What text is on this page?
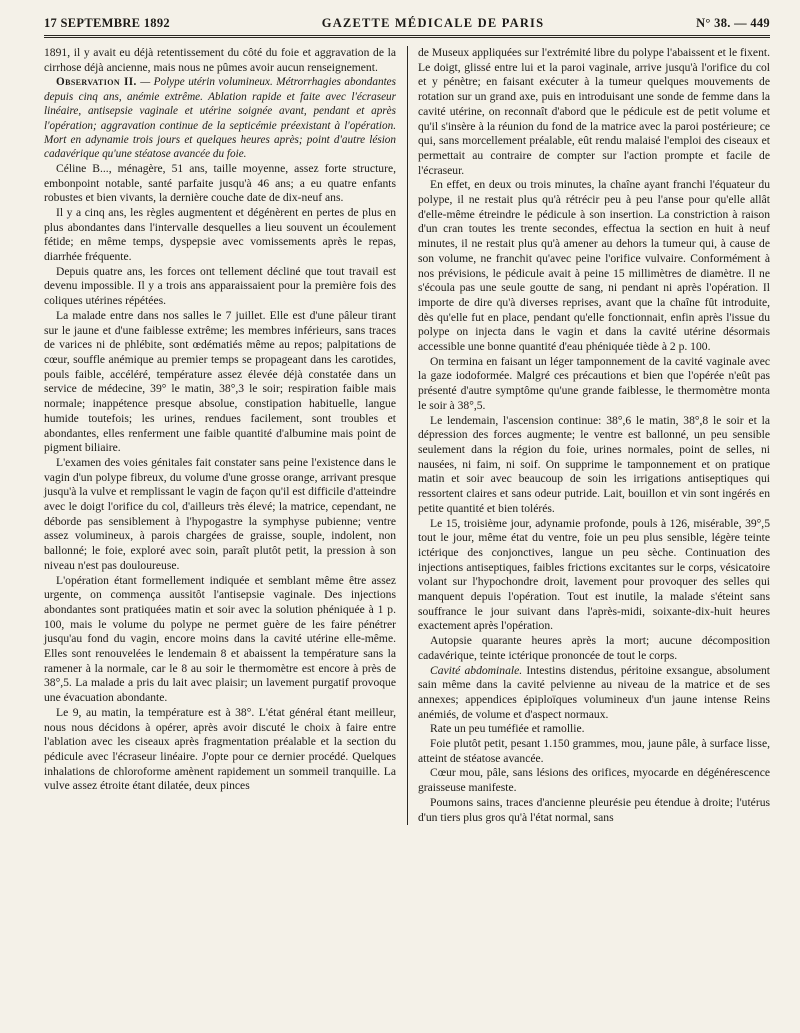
17 SEPTEMBRE 1892	GAZETTE MÉDICALE DE PARIS	N° 38. — 449

1891, il y avait eu déjà retentissement du côté du foie et aggravation de la cirrhose déjà ancienne, mais nous ne pûmes avoir aucun renseignement.

Observation II. — Polype utérin volumineux. Métrorrhagies abondantes depuis cinq ans, anémie extrême. Ablation rapide et faite avec l'écraseur linéaire, antisepsie vaginale et utérine soignée avant, pendant et après l'opération; aggravation continue de la septicémie préexistant à l'opération. Mort en adynamie trois jours et quelques heures après; point d'autre lésion cadavérique qu'une stéatose avancée du foie.

Céline B..., ménagère, 51 ans, taille moyenne, assez forte structure, embonpoint notable, santé parfaite jusqu'à 46 ans; a eu quatre enfants robustes et bien vivants, la dernière couche date de dix-neuf ans.

Il y a cinq ans, les règles augmentent et dégénèrent en pertes de plus en plus abondantes dans l'intervalle desquelles a lieu souvent un écoulement fétide; en même temps, dyspepsie avec vomissements après le repas, diarrhée fréquente.

Depuis quatre ans, les forces ont tellement décliné que tout travail est devenu impossible. Il y a trois ans apparaissaient pour la première fois des coliques utérines répétées.

La malade entre dans nos salles le 7 juillet. Elle est d'une pâleur tirant sur le jaune et d'une faiblesse extrême; les membres inférieurs, sans traces de varices ni de phlébite, sont œdématiés même au repos; palpitations de cœur, souffle anémique au premier temps se propageant dans les carotides, pouls faible, accéléré, température assez élevée déjà constatée dans un service de médecine, 39° le matin, 38°,3 le soir; respiration faible mais normale; inappétence presque absolue, constipation habituelle, langue humide toutefois; les urines, rendues facilement, sont troubles et abondantes, elles renferment une faible quantité d'albumine mais point de pigment biliaire.

L'examen des voies génitales fait constater sans peine l'existence dans le vagin d'un polype fibreux, du volume d'une grosse orange, arrivant presque jusqu'à la vulve et remplissant le vagin de façon qu'il est difficile d'atteindre avec le doigt l'orifice du col, d'ailleurs très élevé; la matrice, cependant, ne déborde pas sensiblement à l'hypogastre la symphyse pubienne; ventre assez volumineux, à parois chargées de graisse, souple, indolent, non ballonné; le foie, exploré avec soin, paraît plutôt petit, la pression à son niveau n'est pas douloureuse.

L'opération étant formellement indiquée et semblant même être assez urgente, on commença aussitôt l'antisepsie vaginale. Des injections abondantes sont pratiquées matin et soir avec la solution phéniquée à 1 p. 100, mais le volume du polype ne permet guère de les faire pénétrer jusqu'au fond du vagin, encore moins dans la cavité utérine elle-même. Elles sont renouvelées le lendemain 8 et abaissent la température sans la ramener à la normale, car le 8 au soir le thermomètre est encore à près de 38°,5. La malade a pris du lait avec plaisir; un lavement purgatif provoque une évacuation abondante.

Le 9, au matin, la température est à 38°. L'état général étant meilleur, nous nous décidons à opérer, après avoir discuté le choix à faire entre l'ablation avec les ciseaux après fragmentation préalable et la section du pédicule avec l'écraseur linéaire. J'opte pour ce dernier procédé. Quelques inhalations de chloroforme amènent rapidement un sommeil tranquille. La vulve assez étroite étant dilatée, deux pinces

de Museux appliquées sur l'extrémité libre du polype l'abaissent et le fixent. Le doigt, glissé entre lui et la paroi vaginale, arrive jusqu'à l'orifice du col et y pénètre; en faisant exécuter à la tumeur quelques mouvements de rotation sur un grand axe, puis en introduisant une sonde de femme dans la cavité utérine, on reconnaît d'abord que le pédicule est de petit volume et qu'il s'insère à la réunion du fond de la matrice avec la paroi postérieure; ce qui, sans morcellement préalable, eût rendu malaisé l'emploi des ciseaux et permettait au contraire de compter sur l'action prompte et facile de l'écraseur.

En effet, en deux ou trois minutes, la chaîne ayant franchi l'équateur du polype, il ne restait plus qu'à rétrécir peu à peu l'anse pour qu'elle allât d'elle-même étreindre le pédicule à son insertion. La constriction à raison d'un cran toutes les trente secondes, effectua la section en huit à neuf minutes, il ne restait plus qu'à amener au dehors la tumeur qui, à cause de son volume, ne franchit qu'avec peine l'orifice vulvaire. Conformément à nos prévisions, le pédicule avait à peine 15 millimètres de diamètre. Il ne s'écoula pas une seule goutte de sang, ni pendant ni après l'opération. Il importe de dire qu'à diverses reprises, avant que la chaîne fût introduite, dès qu'elle fut en place, pendant qu'elle fonctionnait, enfin après l'issue du polype on injecta dans le vagin et dans la cavité utérine désormais accessible une bonne quantité d'eau phéniquée tiède à 2 p. 100.

On termina en faisant un léger tamponnement de la cavité vaginale avec la gaze iodoformée. Malgré ces précautions et bien que l'opérée n'eût pas présenté d'autre symptôme qu'une grande faiblesse, le thermomètre monta le soir à 38°,5.

Le lendemain, l'ascension continue: 38°,6 le matin, 38°,8 le soir et la dépression des forces augmente; le ventre est ballonné, un peu sensible seulement dans la région du foie, urines normales, point de selles, ni nausées, ni faim, ni soif. On supprime le tamponnement et on pratique matin et soir avec beaucoup de soin les irrigations antiseptiques qui ressortent claires et sans odeur putride. Lait, bouillon et vin sont ingérés en petite quantité et bien tolérés.

Le 15, troisième jour, adynamie profonde, pouls à 126, misérable, 39°,5 tout le jour, même état du ventre, foie un peu plus sensible, légère teinte ictérique des conjonctives, langue un peu sèche. Continuation des injections antiseptiques, faibles frictions excitantes sur le corps, vésicatoire volant sur l'hypochondre droit, lavement pour provoquer des selles qui manquent depuis l'opération. Tout est inutile, la malade s'éteint sans souffrance le jour suivant dans l'après-midi, soixante-dix-huit heures exactement après l'opération.

Autopsie quarante heures après la mort; aucune décomposition cadavérique, teinte ictérique prononcée de tout le corps.

Cavité abdominale. Intestins distendus, péritoine exsangue, absolument sain même dans la cavité pelvienne au niveau de la matrice et de ses annexes; appendices épiploïques volumineux d'un jaune intense Reins anémiés, de volume et d'aspect normaux.

Rate un peu tuméfiée et ramollie.

Foie plutôt petit, pesant 1.150 grammes, mou, jaune pâle, à surface lisse, atteint de stéatose avancée.

Cœur mou, pâle, sans lésions des orifices, myocarde en dégénérescence graisseuse manifeste.

Poumons sains, traces d'ancienne pleurésie peu étendue à droite; l'utérus d'un tiers plus gros qu'à l'état normal, sans
